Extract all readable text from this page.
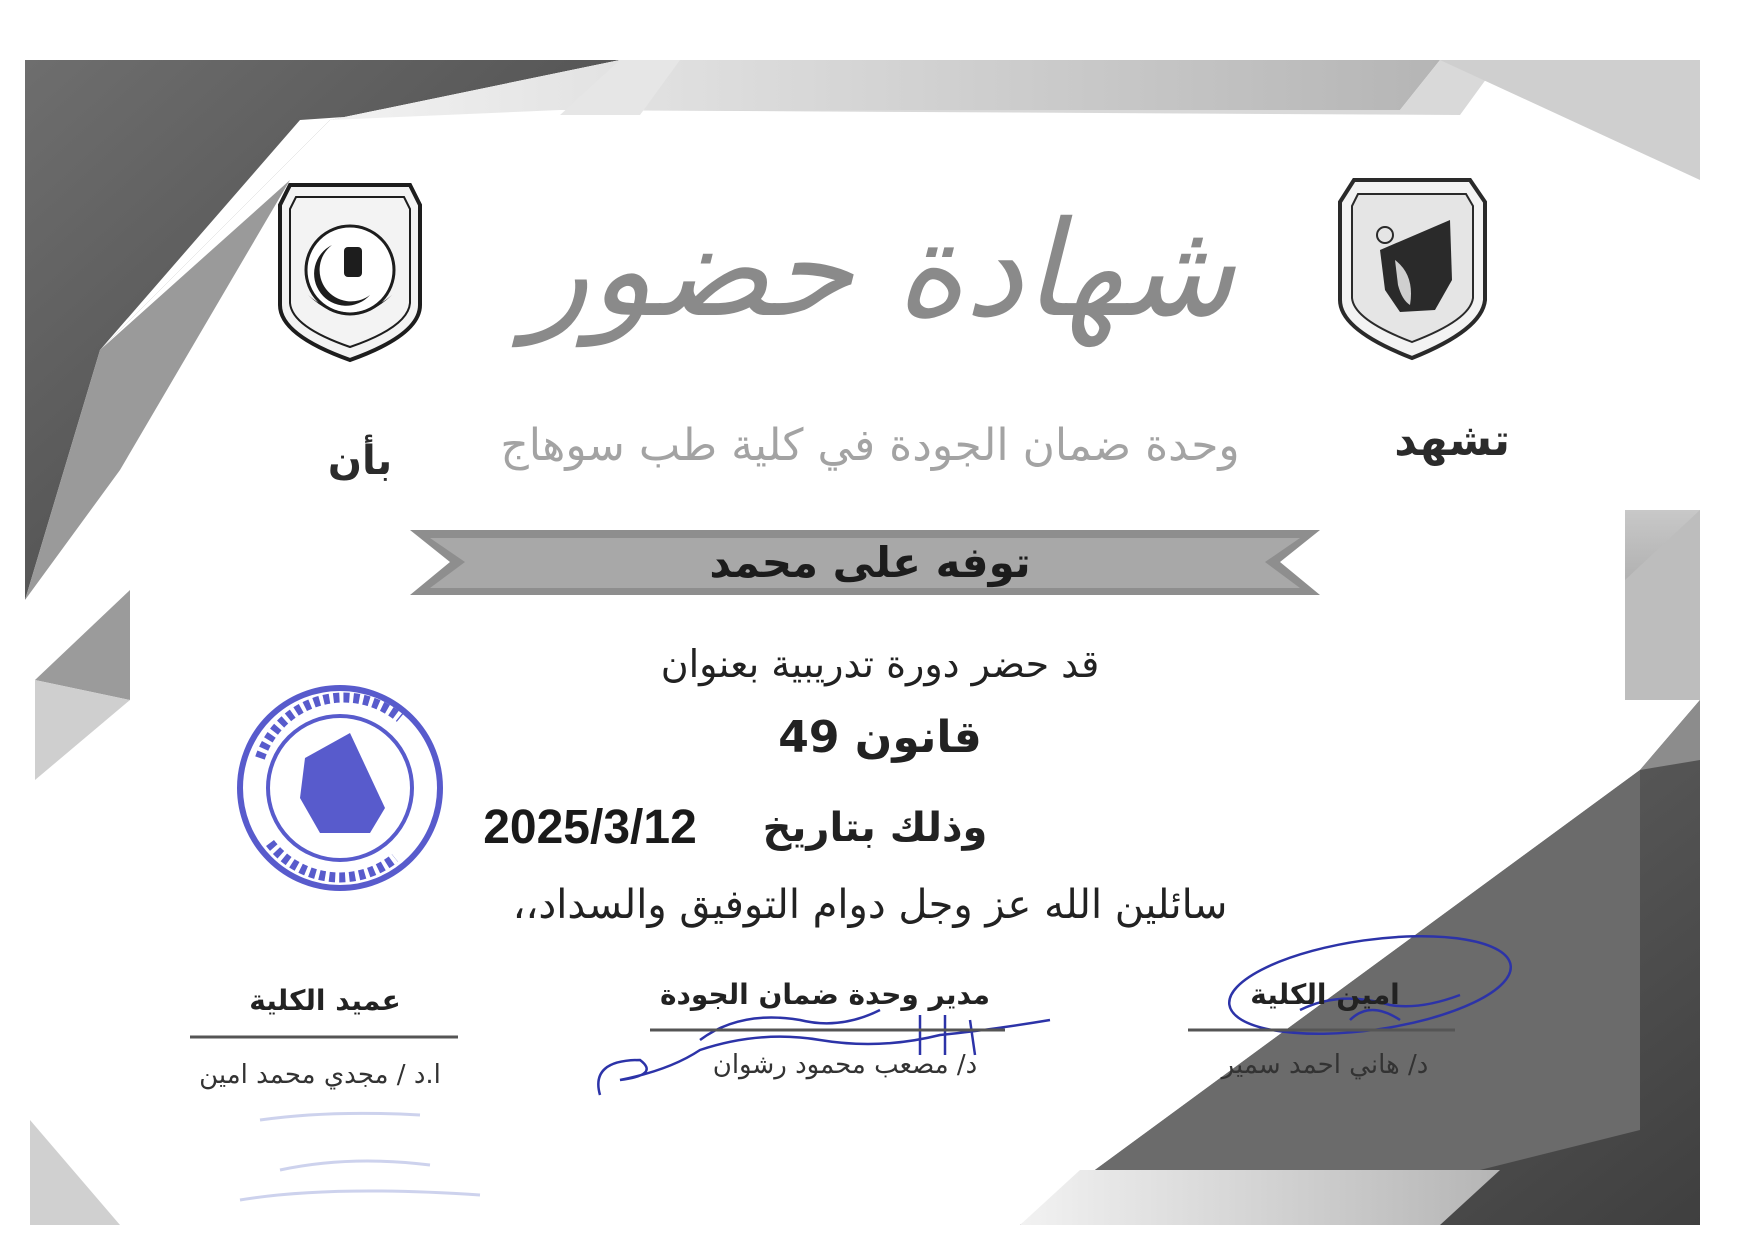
شهادة حضور
تشهد
وحدة ضمان الجودة في كلية طب سوهاج
بأن
توفه على محمد
قد حضر دورة تدريبية بعنوان
قانون 49
وذلك بتاريخ
2025/3/12
سائلين الله عز وجل دوام التوفيق والسداد،،
امين الكلية
د/ هاني احمد سمير
مدير وحدة ضمان الجودة
د/ مصعب محمود رشوان
عميد الكلية
ا.د / مجدي محمد امين
